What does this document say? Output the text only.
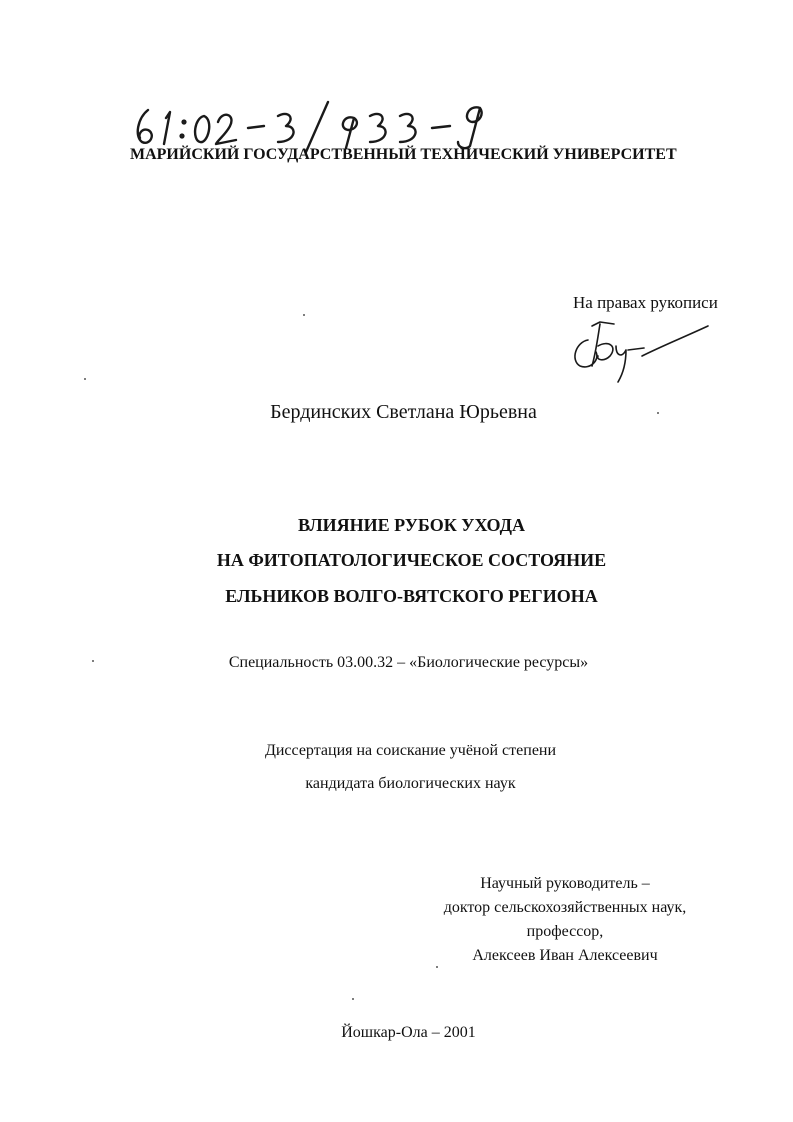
МАРИЙСКИЙ ГОСУДАРСТВЕННЫЙ ТЕХНИЧЕСКИЙ УНИВЕРСИТЕТ

На правах рукописи

Бердинских Светлана Юрьевна

ВЛИЯНИЕ РУБОК УХОДА

НА ФИТОПАТОЛОГИЧЕСКОЕ СОСТОЯНИЕ

ЕЛЬНИКОВ ВОЛГО-ВЯТСКОГО РЕГИОНА

Специальность 03.00.32 – «Биологические ресурсы»

Диссертация на соискание учёной степени

кандидата биологических наук

Научный руководитель –
доктор сельскохозяйственных наук,
профессор,
Алексеев Иван Алексеевич

Йошкар-Ола – 2001
